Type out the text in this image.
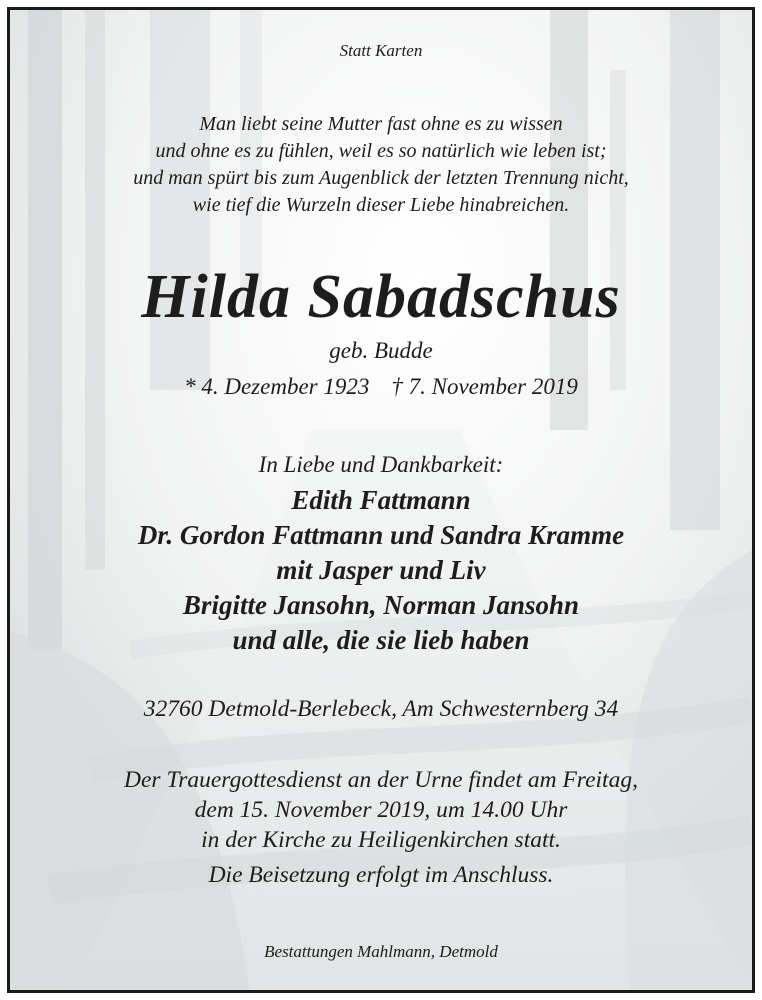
Statt Karten
Man liebt seine Mutter fast ohne es zu wissen
und ohne es zu fühlen, weil es so natürlich wie leben ist;
und man spürt bis zum Augenblick der letzten Trennung nicht,
wie tief die Wurzeln dieser Liebe hinabreichen.
Hilda Sabadschus
geb. Budde
* 4. Dezember 1923 † 7. November 2019
In Liebe und Dankbarkeit:
Edith Fattmann
Dr. Gordon Fattmann und Sandra Kramme
mit Jasper und Liv
Brigitte Jansohn, Norman Jansohn
und alle, die sie lieb haben
32760 Detmold-Berlebeck, Am Schwesternberg 34
Der Trauergottesdienst an der Urne findet am Freitag,
dem 15. November 2019, um 14.00 Uhr
in der Kirche zu Heiligenkirchen statt.
Die Beisetzung erfolgt im Anschluss.
Bestattungen Mahlmann, Detmold
